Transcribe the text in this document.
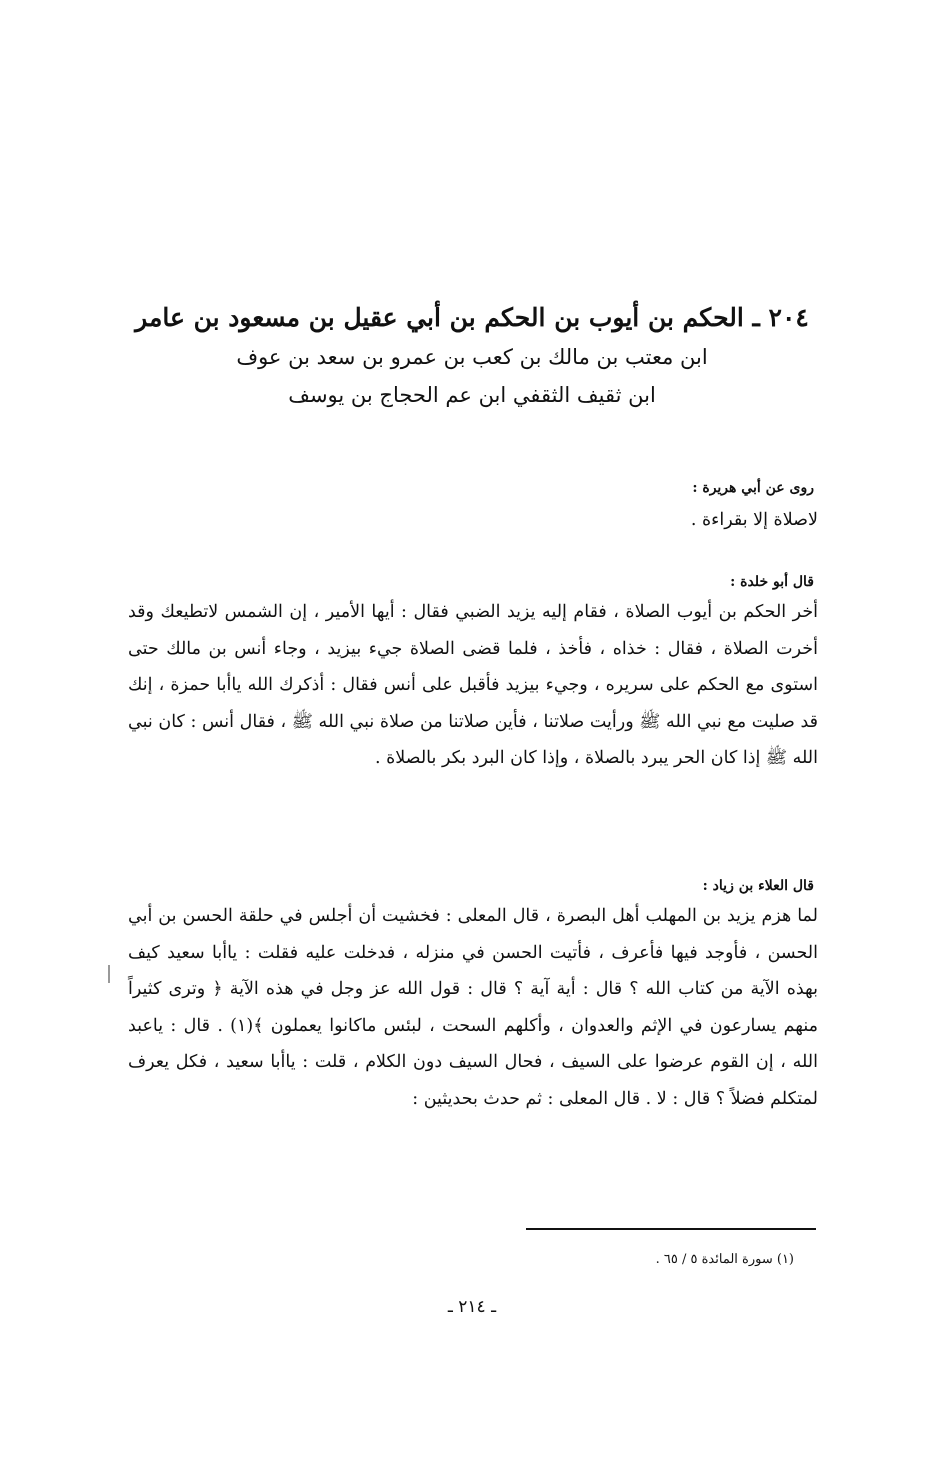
٢٠٤ ـ الحكم بن أيوب بن الحكم بن أبي عقيل بن مسعود بن عامر
ابن معتب بن مالك بن كعب بن عمرو بن سعد بن عوف
ابن ثقيف الثقفي ابن عم الحجاج بن يوسف
روى عن أبي هريرة :
لاصلاة إلا بقراءة .
قال أبو خلدة :
أخر الحكم بن أيوب الصلاة ، فقام إليه يزيد الضبي فقال : أيها الأمير ، إن الشمس لاتطيعك وقد أخرت الصلاة ، فقال : خذاه ، فأخذ ، فلما قضى الصلاة جيء بيزيد ، وجاء أنس بن مالك حتى استوى مع الحكم على سريره ، وجيء بيزيد فأقبل على أنس فقال : أذكرك الله ياأبا حمزة ، إنك قد صليت مع نبي الله ﷺ ورأيت صلاتنا ، فأين صلاتنا من صلاة نبي الله ﷺ ، فقال أنس : كان نبي الله ﷺ إذا كان الحر يبرد بالصلاة ، وإذا كان البرد بكر بالصلاة .
قال العلاء بن زياد :
لما هزم يزيد بن المهلب أهل البصرة ، قال المعلى : فخشيت أن أجلس في حلقة الحسن بن أبي الحسن ، فأوجد فيها فأعرف ، فأتيت الحسن في منزله ، فدخلت عليه فقلت : ياأبا سعيد كيف بهذه الآية من كتاب الله ؟ قال : أية آية ؟ قال : قول الله عز وجل في هذه الآية ﴿ وترى كثيراً منهم يسارعون في الإثم والعدوان ، وأكلهم السحت ، لبئس ماكانوا يعملون ﴾(١) . قال : ياعبد الله ، إن القوم عرضوا على السيف ، فحال السيف دون الكلام ، قلت : ياأبا سعيد ، فكل يعرف لمتكلم فضلاً ؟ قال : لا . قال المعلى : ثم حدث بحديثين :
(١) سورة المائدة ٥ / ٦٥ .
ـ ٢١٤ ـ
